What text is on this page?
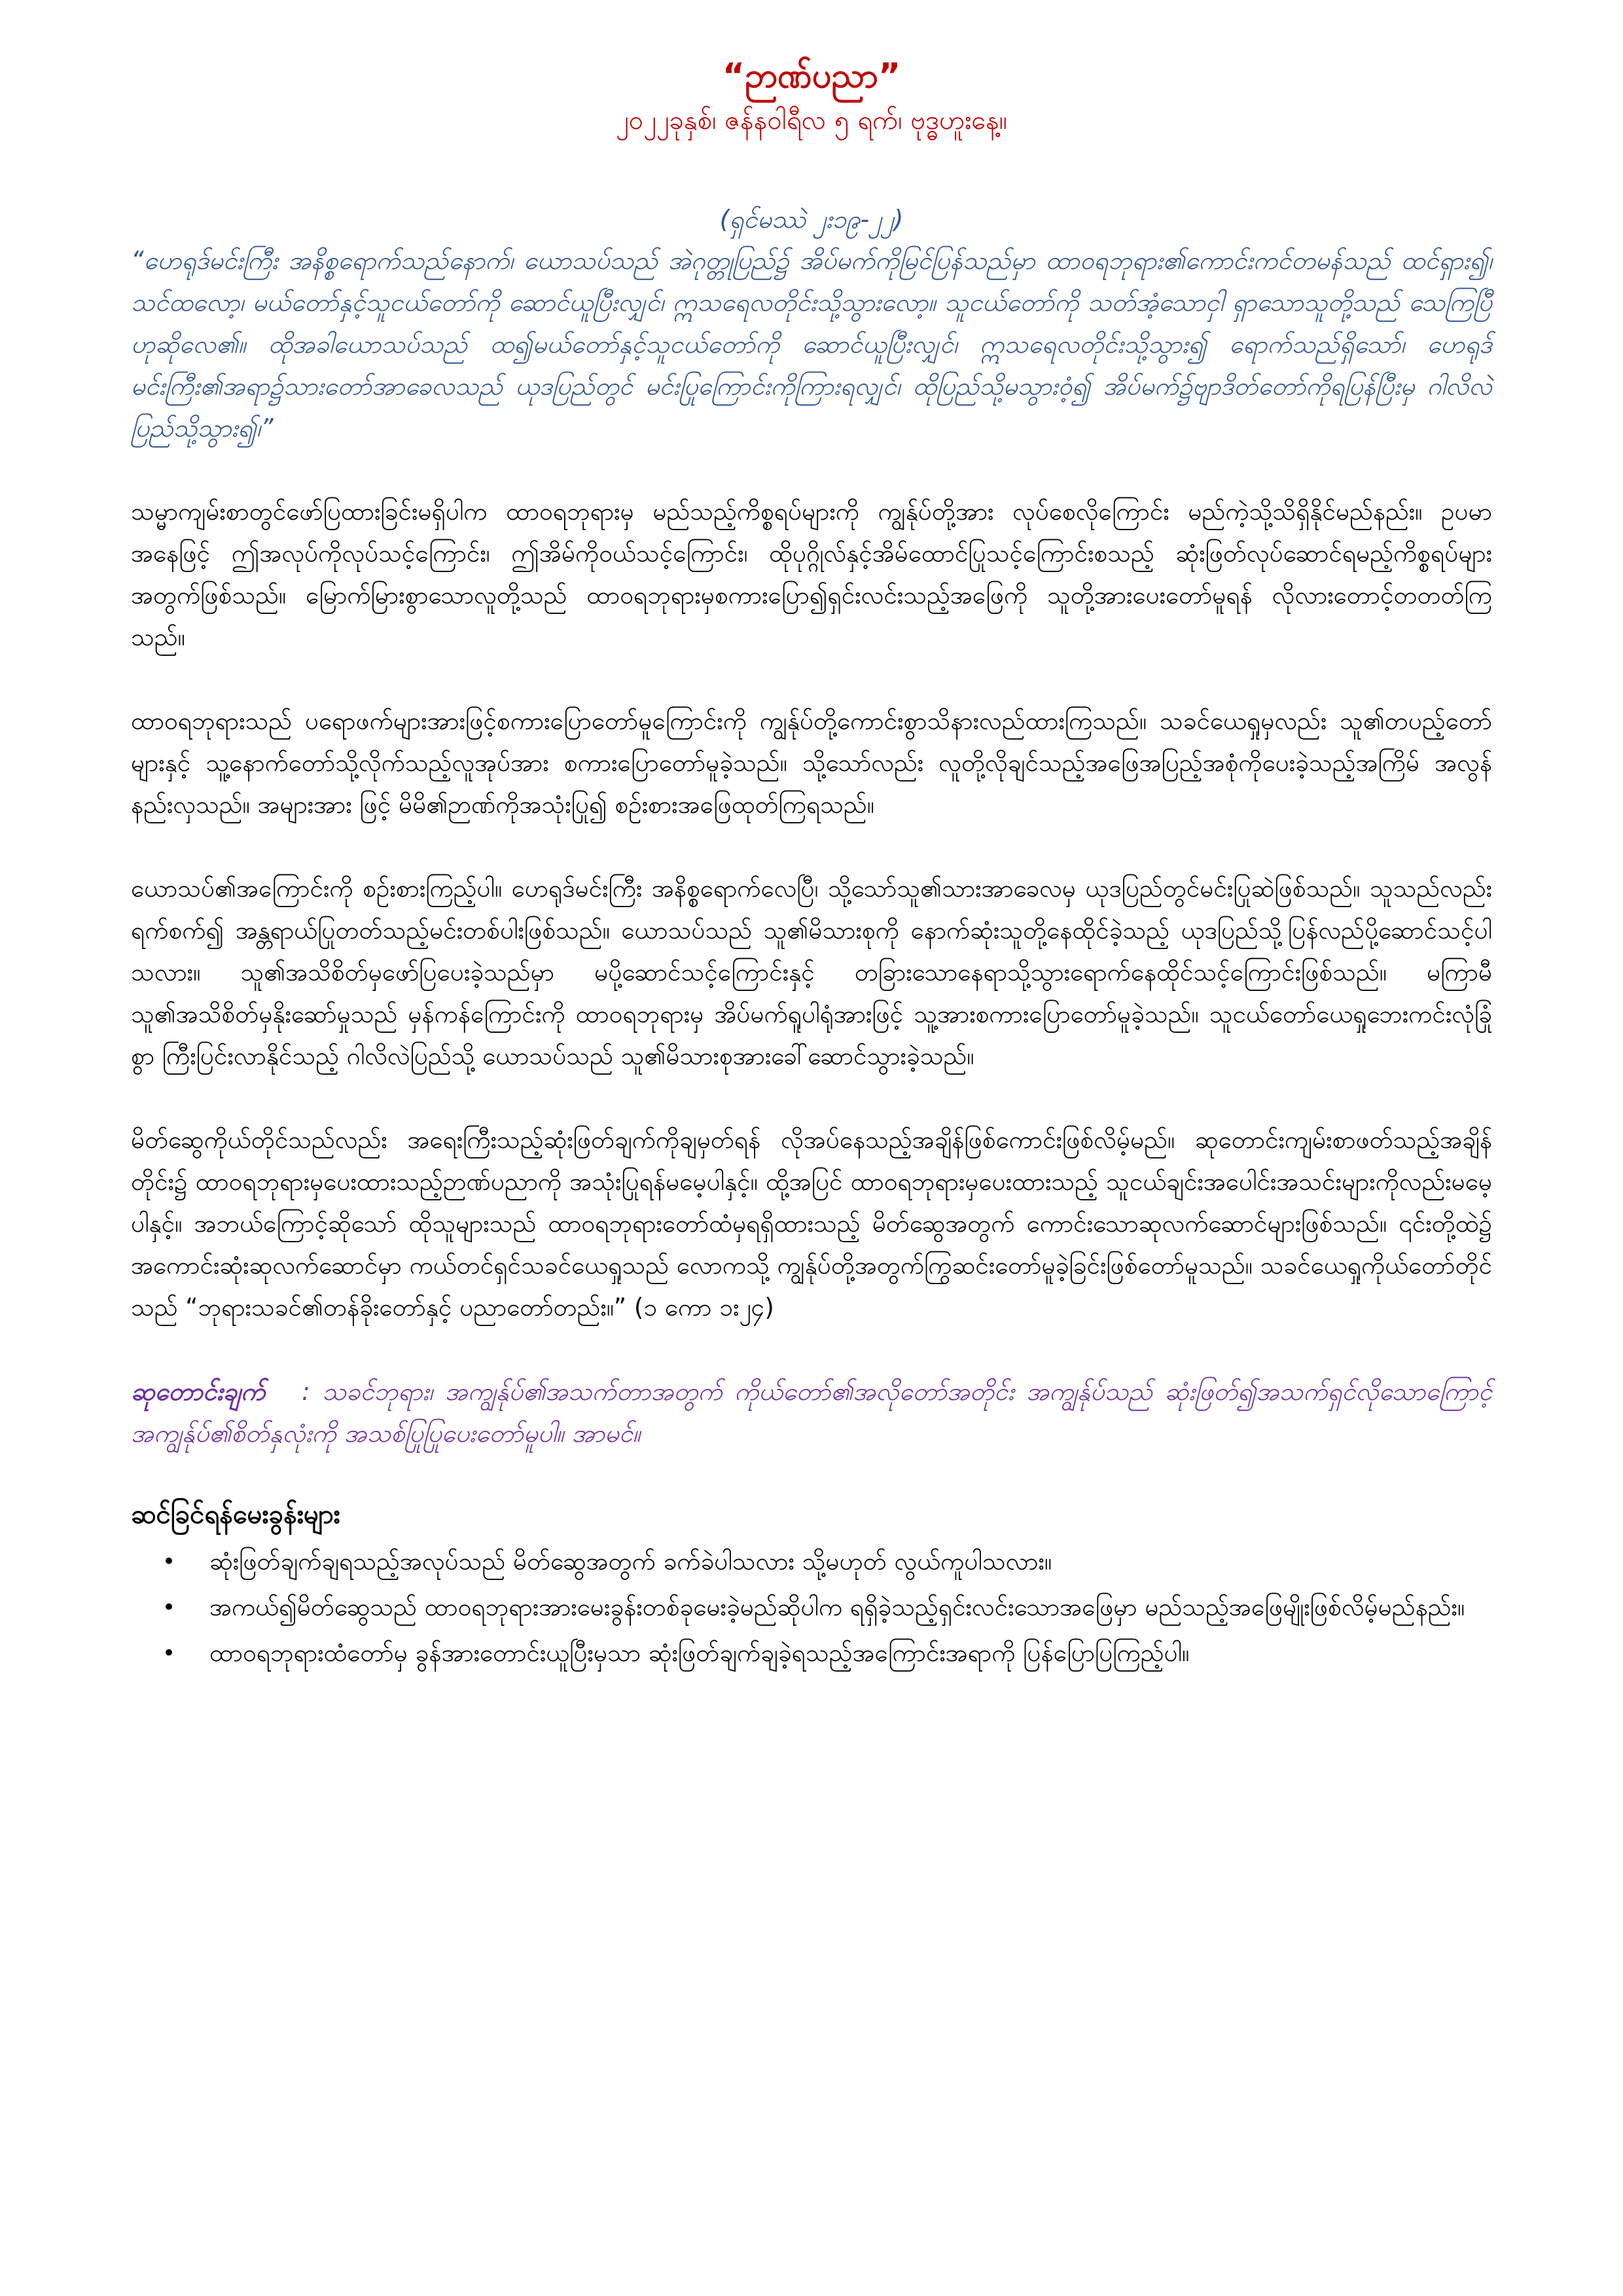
“ဉာဏ်ပညာ”

၂၀၂၂ခုနှစ်၊ ဇန်နဝါရီလ ၅ ရက်၊ ဗုဒ္ဓဟူးနေ့။

(ရှင်မဿဲ ၂း၁၉-၂၂)

“ဟေရုဒ်မင်းကြီး အနိစ္စရောက်သည်နောက်၊ ယောသပ်သည် အဲဂုတ္တုပြည်၌ အိပ်မက်ကိုမြင်ပြန်သည်မှာ ထာဝရဘုရား၏ကောင်းကင်တမန်သည် ထင်ရှား၍၊ သင်ထလော့၊ မယ်တော်နှင့်သူငယ်တော်ကို ဆောင်ယူပြီးလျှင်၊ ဣသရေလတိုင်းသို့သွားလော့။ သူငယ်တော်ကို သတ်အံ့သောငှါ ရှာသောသူတို့သည် သေကြပြီဟုဆိုလေ၏။ ထိုအခါယောသပ်သည် ထ၍မယ်တော်နှင့်သူငယ်တော်ကို ဆောင်ယူပြီးလျှင်၊ ဣသရေလတိုင်းသို့သွား၍ ရောက်သည်ရှိသော်၊ ဟေရုဒ်မင်းကြီး၏အရာ၌သားတော်အာခေလသည် ယုဒပြည်တွင် မင်းပြုကြောင်းကိုကြားရလျှင်၊ ထိုပြည်သို့မသွားဝံ့၍ အိပ်မက်၌ဗျာဒိတ်တော်ကိုရပြန်ပြီးမှ ဂါလိလဲပြည်သို့သွား၍၊”

သမ္မာကျမ်းစာတွင်ဖော်ပြထားခြင်းမရှိပါက ထာဝရဘုရားမှ မည်သည့်ကိစ္စရပ်များကို ကျွန်ုပ်တို့အား လုပ်စေလိုကြောင်း မည်ကဲ့သို့သိရှိနိုင်မည်နည်း။ ဥပမာအနေဖြင့် ဤအလုပ်ကိုလုပ်သင့်ကြောင်း၊ ဤအိမ်ကိုဝယ်သင့်ကြောင်း၊ ထိုပုဂ္ဂိုလ်နှင့်အိမ်ထောင်ပြုသင့်ကြောင်းစသည့် ဆုံးဖြတ်လုပ်ဆောင်ရမည့်ကိစ္စရပ်များအတွက်ဖြစ်သည်။ မြောက်မြားစွာသောလူတို့သည် ထာဝရဘုရားမှစကားပြော၍ရှင်းလင်းသည့်အဖြေကို သူတို့အားပေးတော်မူရန် လိုလားတောင့်တတတ်ကြသည်။

ထာဝရဘုရားသည် ပရောဖက်များအားဖြင့်စကားပြောတော်မူကြောင်းကို ကျွန်ုပ်တို့ကောင်းစွာသိနားလည်ထားကြသည်။ သခင်ယေရှုမှလည်း သူ၏တပည့်တော်များနှင့် သူ့နောက်တော်သို့လိုက်သည့်လူအုပ်အား စကားပြောတော်မူခဲ့သည်။ သို့သော်လည်း လူတို့လိုချင်သည့်အဖြေအပြည့်အစုံကိုပေးခဲ့သည့်အကြိမ် အလွန်နည်းလှသည်။ အများအား ဖြင့် မိမိ၏ဉာဏ်ကိုအသုံးပြု၍ စဉ်းစားအဖြေထုတ်ကြရသည်။

ယောသပ်၏အကြောင်းကို စဉ်းစားကြည့်ပါ။ ဟေရုဒ်မင်းကြီး အနိစ္စရောက်လေပြီ၊ သို့သော်သူ၏သားအာခေလမှ ယုဒပြည်တွင်မင်းပြုဆဲဖြစ်သည်။ သူသည်လည်းရက်စက်၍ အန္တရာယ်ပြုတတ်သည့်မင်းတစ်ပါးဖြစ်သည်။ ယောသပ်သည် သူ၏မိသားစုကို နောက်ဆုံးသူတို့နေထိုင်ခဲ့သည့် ယုဒပြည်သို့ပြန်လည်ပို့ဆောင်သင့်ပါသလား။ သူ၏အသိစိတ်မှဖော်ပြပေးခဲ့သည်မှာ မပို့ဆောင်သင့်ကြောင်းနှင့် တခြားသောနေရာသို့သွားရောက်နေထိုင်သင့်ကြောင်းဖြစ်သည်။ မကြာမီ သူ၏အသိစိတ်မှနိုးဆော်မှုသည် မှန်ကန်ကြောင်းကို ထာဝရဘုရားမှ အိပ်မက်ရူပါရုံအားဖြင့် သူ့အားစကားပြောတော်မူခဲ့သည်။ သူငယ်တော်ယေရှုဘေးကင်းလုံခြုံစွာ ကြီးပြင်းလာနိုင်သည့် ဂါလိလဲပြည်သို့ ယောသပ်သည် သူ၏မိသားစုအားခေါ်ဆောင်သွားခဲ့သည်။

မိတ်ဆွေကိုယ်တိုင်သည်လည်း အရေးကြီးသည့်ဆုံးဖြတ်ချက်ကိုချမှတ်ရန် လိုအပ်နေသည့်အချိန်ဖြစ်ကောင်းဖြစ်လိမ့်မည်။ ဆုတောင်းကျမ်းစာဖတ်သည့်အချိန်တိုင်း၌ ထာဝရဘုရားမှပေးထားသည့်ဉာဏ်ပညာကို အသုံးပြုရန်မမေ့ပါနှင့်။ ထို့အပြင် ထာဝရဘုရားမှပေးထားသည့် သူငယ်ချင်းအပေါင်းအသင်းများကိုလည်းမမေ့ပါနှင့်။ အဘယ်ကြောင့်ဆိုသော် ထိုသူများသည် ထာဝရဘုရားတော်ထံမှရရှိထားသည့် မိတ်ဆွေအတွက် ကောင်းသောဆုလက်ဆောင်များဖြစ်သည်။ ၎င်းတို့ထဲ၌ အကောင်းဆုံးဆုလက်ဆောင်မှာ ကယ်တင်ရှင်သခင်ယေရှုသည် လောကသို့ ကျွန်ုပ်တို့အတွက်ကြွဆင်းတော်မူခဲ့ခြင်းဖြစ်တော်မူသည်။ သခင်ယေရှုကိုယ်တော်တိုင်သည် “ဘုရားသခင်၏တန်ခိုးတော်နှင့် ပညာတော်တည်း။” (၁ ကော ၁း၂၄)

ဆုတောင်းချက် : သခင်ဘုရား၊ အကျွန်ုပ်၏အသက်တာအတွက် ကိုယ်တော်၏အလိုတော်အတိုင်း အကျွန်ုပ်သည် ဆုံးဖြတ်၍အသက်ရှင်လိုသောကြောင့် အကျွန်ုပ်၏စိတ်နှလုံးကို အသစ်ပြုပြုပေးတော်မူပါ။ အာမင်။

ဆင်ခြင်ရန်မေးခွန်းများ

• ဆုံးဖြတ်ချက်ချရသည့်အလုပ်သည် မိတ်ဆွေအတွက် ခက်ခဲပါသလား သို့မဟုတ် လွယ်ကူပါသလား။
• အကယ်၍မိတ်ဆွေသည် ထာဝရဘုရားအားမေးခွန်းတစ်ခုမေးခဲ့မည်ဆိုပါက ရရှိခဲ့သည့်ရှင်းလင်းသောအဖြေမှာ မည်သည့်အဖြေမျိုးဖြစ်လိမ့်မည်နည်း။
• ထာဝရဘုရားထံတော်မှ ခွန်အားတောင်းယူပြီးမှသာ ဆုံးဖြတ်ချက်ချခဲ့ရသည့်အကြောင်းအရာကို ပြန်ပြောပြကြည့်ပါ။
